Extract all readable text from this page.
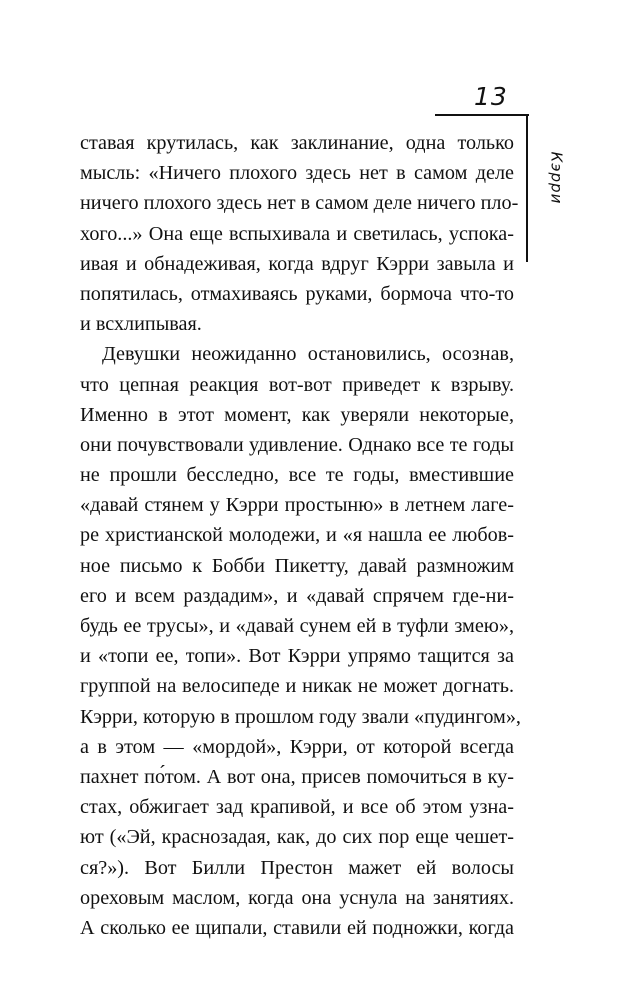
13
Кэрри
ставая крутилась, как заклинание, одна только
мысль: «Ничего плохого здесь нет в самом деле
ничего плохого здесь нет в самом деле ничего пло-
хого...» Она еще вспыхивала и светилась, успока-
ивая и обнадеживая, когда вдруг Кэрри завыла и
попятилась, отмахиваясь руками, бормоча что-то
и всхлипывая.
Девушки неожиданно остановились, осознав,
что цепная реакция вот-вот приведет к взрыву.
Именно в этот момент, как уверяли некоторые,
они почувствовали удивление. Однако все те годы
не прошли бесследно, все те годы, вместившие
«давай стянем у Кэрри простыню» в летнем лаге-
ре христианской молодежи, и «я нашла ее любов-
ное письмо к Бобби Пикетту, давай размножим
его и всем раздадим», и «давай спрячем где-ни-
будь ее трусы», и «давай сунем ей в туфли змею»,
и «топи ее, топи». Вот Кэрри упрямо тащится за
группой на велосипеде и никак не может догнать.
Кэрри, которую в прошлом году звали «пудингом»,
а в этом — «мордой», Кэрри, от которой всегда
пахнет по́том. А вот она, присев помочиться в ку-
стах, обжигает зад крапивой, и все об этом узна-
ют («Эй, краснозадая, как, до сих пор еще чешет-
ся?»). Вот Билли Престон мажет ей волосы
ореховым маслом, когда она уснула на занятиях.
А сколько ее щипали, ставили ей подножки, когда
